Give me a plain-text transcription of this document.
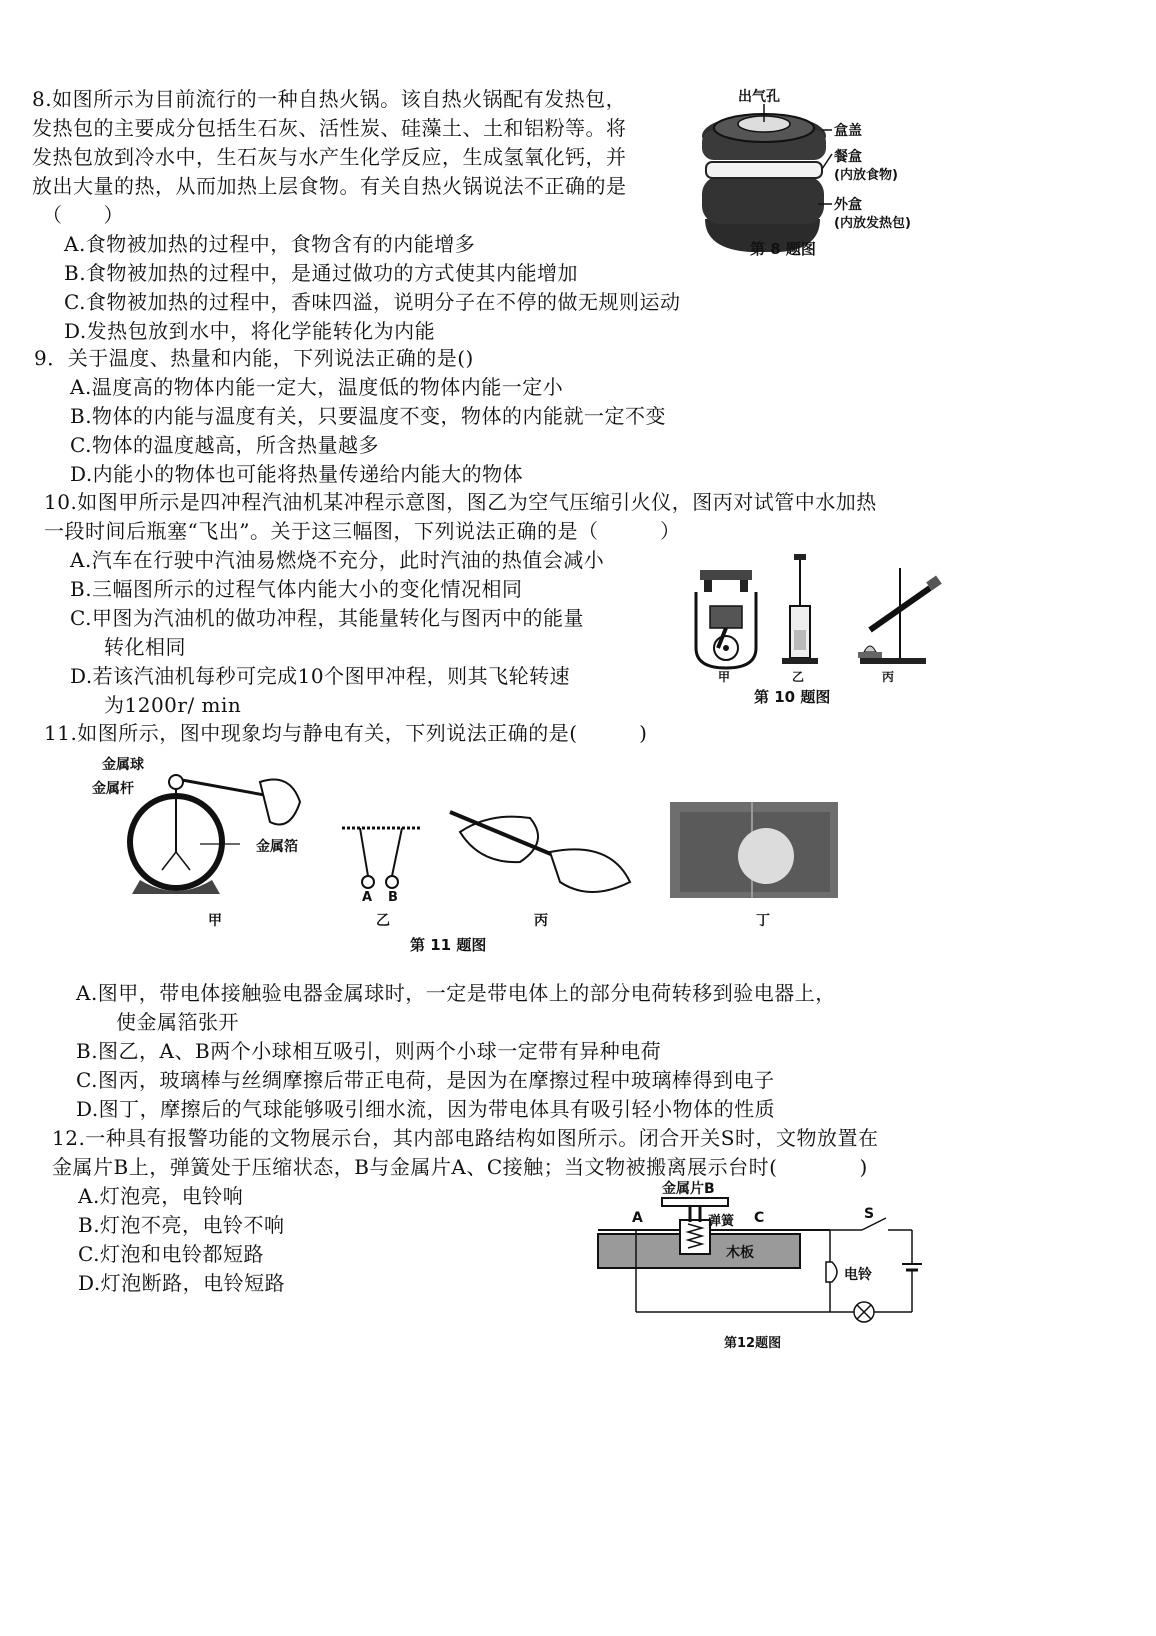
8.如图所示为目前流行的一种自热火锅。该自热火锅配有发热包，
发热包的主要成分包括生石灰、活性炭、硅藻土、土和铝粉等。将
发热包放到冷水中，生石灰与水产生化学反应，生成氢氧化钙，并
放出大量的热，从而加热上层食物。有关自热火锅说法不正确的是
（　　）
A.食物被加热的过程中，食物含有的内能增多
B.食物被加热的过程中，是通过做功的方式使其内能增加
C.食物被加热的过程中，香味四溢，说明分子在不停的做无规则运动
D.发热包放到水中，将化学能转化为内能
出气孔
盒盖
餐盒
(内放食物)
外盒
(内放发热包)
第 8 题图
9．关于温度、热量和内能，下列说法正确的是()
A.温度高的物体内能一定大，温度低的物体内能一定小
B.物体的内能与温度有关，只要温度不变，物体的内能就一定不变
C.物体的温度越高，所含热量越多
D.内能小的物体也可能将热量传递给内能大的物体
10.如图甲所示是四冲程汽油机某冲程示意图，图乙为空气压缩引火仪，图丙对试管中水加热
一段时间后瓶塞“飞出”。关于这三幅图，下列说法正确的是（　　　）
A.汽车在行驶中汽油易燃烧不充分，此时汽油的热值会减小
B.三幅图所示的过程气体内能大小的变化情况相同
C.甲图为汽油机的做功冲程，其能量转化与图丙中的能量
转化相同
D.若该汽油机每秒可完成10个图甲冲程，则其飞轮转速
为1200r/ min
甲	乙	丙
第 10 题图
11.如图所示，图中现象均与静电有关，下列说法正确的是(　　　)
金属球
金属杆
金属箔
A B
甲	乙	丙	丁
第 11 题图
A.图甲，带电体接触验电器金属球时，一定是带电体上的部分电荷转移到验电器上，
使金属箔张开
B.图乙，A、B两个小球相互吸引，则两个小球一定带有异种电荷
C.图丙，玻璃棒与丝绸摩擦后带正电荷，是因为在摩擦过程中玻璃棒得到电子
D.图丁，摩擦后的气球能够吸引细水流，因为带电体具有吸引轻小物体的性质
12.一种具有报警功能的文物展示台，其内部电路结构如图所示。闭合开关S时，文物放置在
金属片B上，弹簧处于压缩状态，B与金属片A、C接触；当文物被搬离展示台时(　　　　)
A.灯泡亮，电铃响
B.灯泡不亮，电铃不响
C.灯泡和电铃都短路
D.灯泡断路，电铃短路
金属片B
A	弹簧 C	S
木板
电铃
第12题图
